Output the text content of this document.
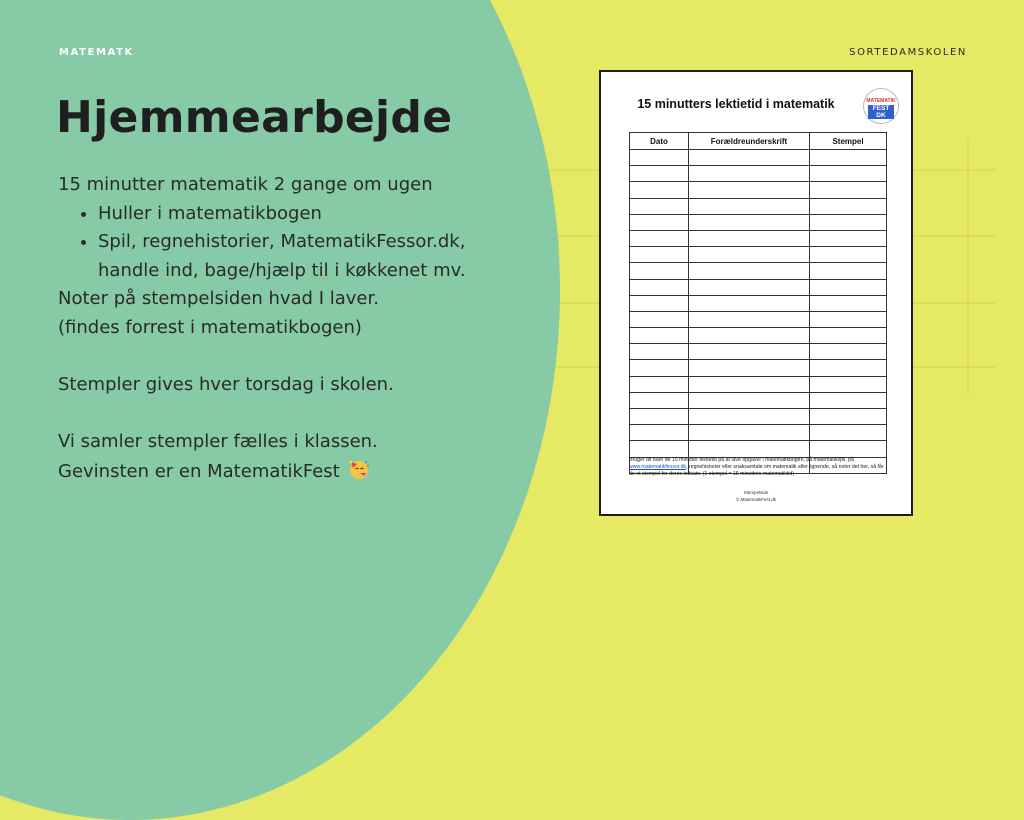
MATEMATK	SORTEDAMSKOLEN
Hjemmearbejde
15 minutter matematik 2 gange om ugen
• Huller i matematikbogen
• Spil, regnehistorier, MatematikFessor.dk, handle ind, bage/hjælp til i køkkenet mv.
Noter på stempelsiden hvad I laver.
(findes forrest i matematikbogen)
Stempler gives hver torsdag i skolen.
Vi samler stempler fælles i klassen.
Gevinsten er en MatematikFest
15 minutters lektietid i matematik	MATEMATIK
FEST DK
Dato	Forældreunderskrift	Stempel

Bruger dit barn de 15 minutter lektietid på at lave opgaver i matematikbogen, på matematikspil, på www.matematikfessor.dk, regnehistorier eller snaksamtale om matematik eller lignende, så noter det her, så får de et stempel for deres indsats. (1 stempel = 15 minutters matematiktid)
Stempelside
© MatematikFest.dk
